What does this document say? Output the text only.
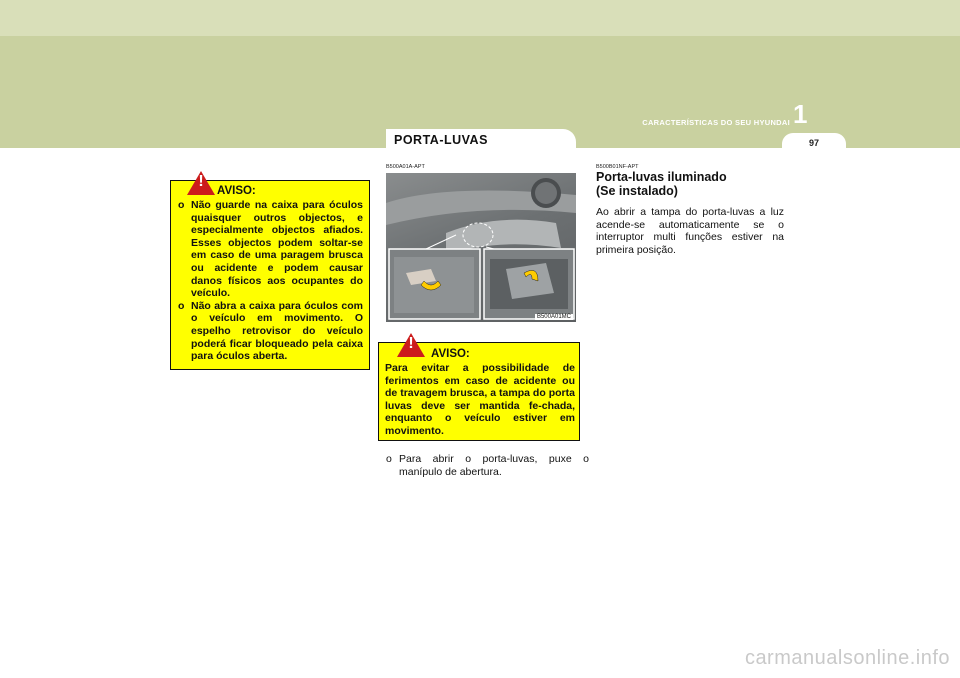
CARACTERÍSTICAS DO SEU HYUNDAI 1
97
PORTA-LUVAS
!
AVISO:
o Não guarde na caixa para óculos quaisquer outros objectos, e especialmente objectos afiados. Esses objectos podem soltar-se em caso de uma paragem brusca ou acidente e podem causar danos físicos aos ocupantes do veículo.
o Não abra a caixa para óculos com o veículo em movimento. O espelho retrovisor do veículo poderá ficar bloqueado pela caixa para óculos aberta.
B500A01A-APT
B500A01MC
!
AVISO:

Para evitar a possibilidade de ferimentos em caso de acidente ou de travagem brusca, a tampa do porta luvas deve ser mantida fe-chada, enquanto o veículo estiver em movimento.

o Para abrir o porta-luvas, puxe o manípulo de abertura.

B500B01NF-APT

Porta-luvas iluminado
(Se instalado)

Ao abrir a tampa do porta-luvas a luz acende-se automaticamente se o interruptor multi funções estiver na primeira posição.

carmanualsonline.info
